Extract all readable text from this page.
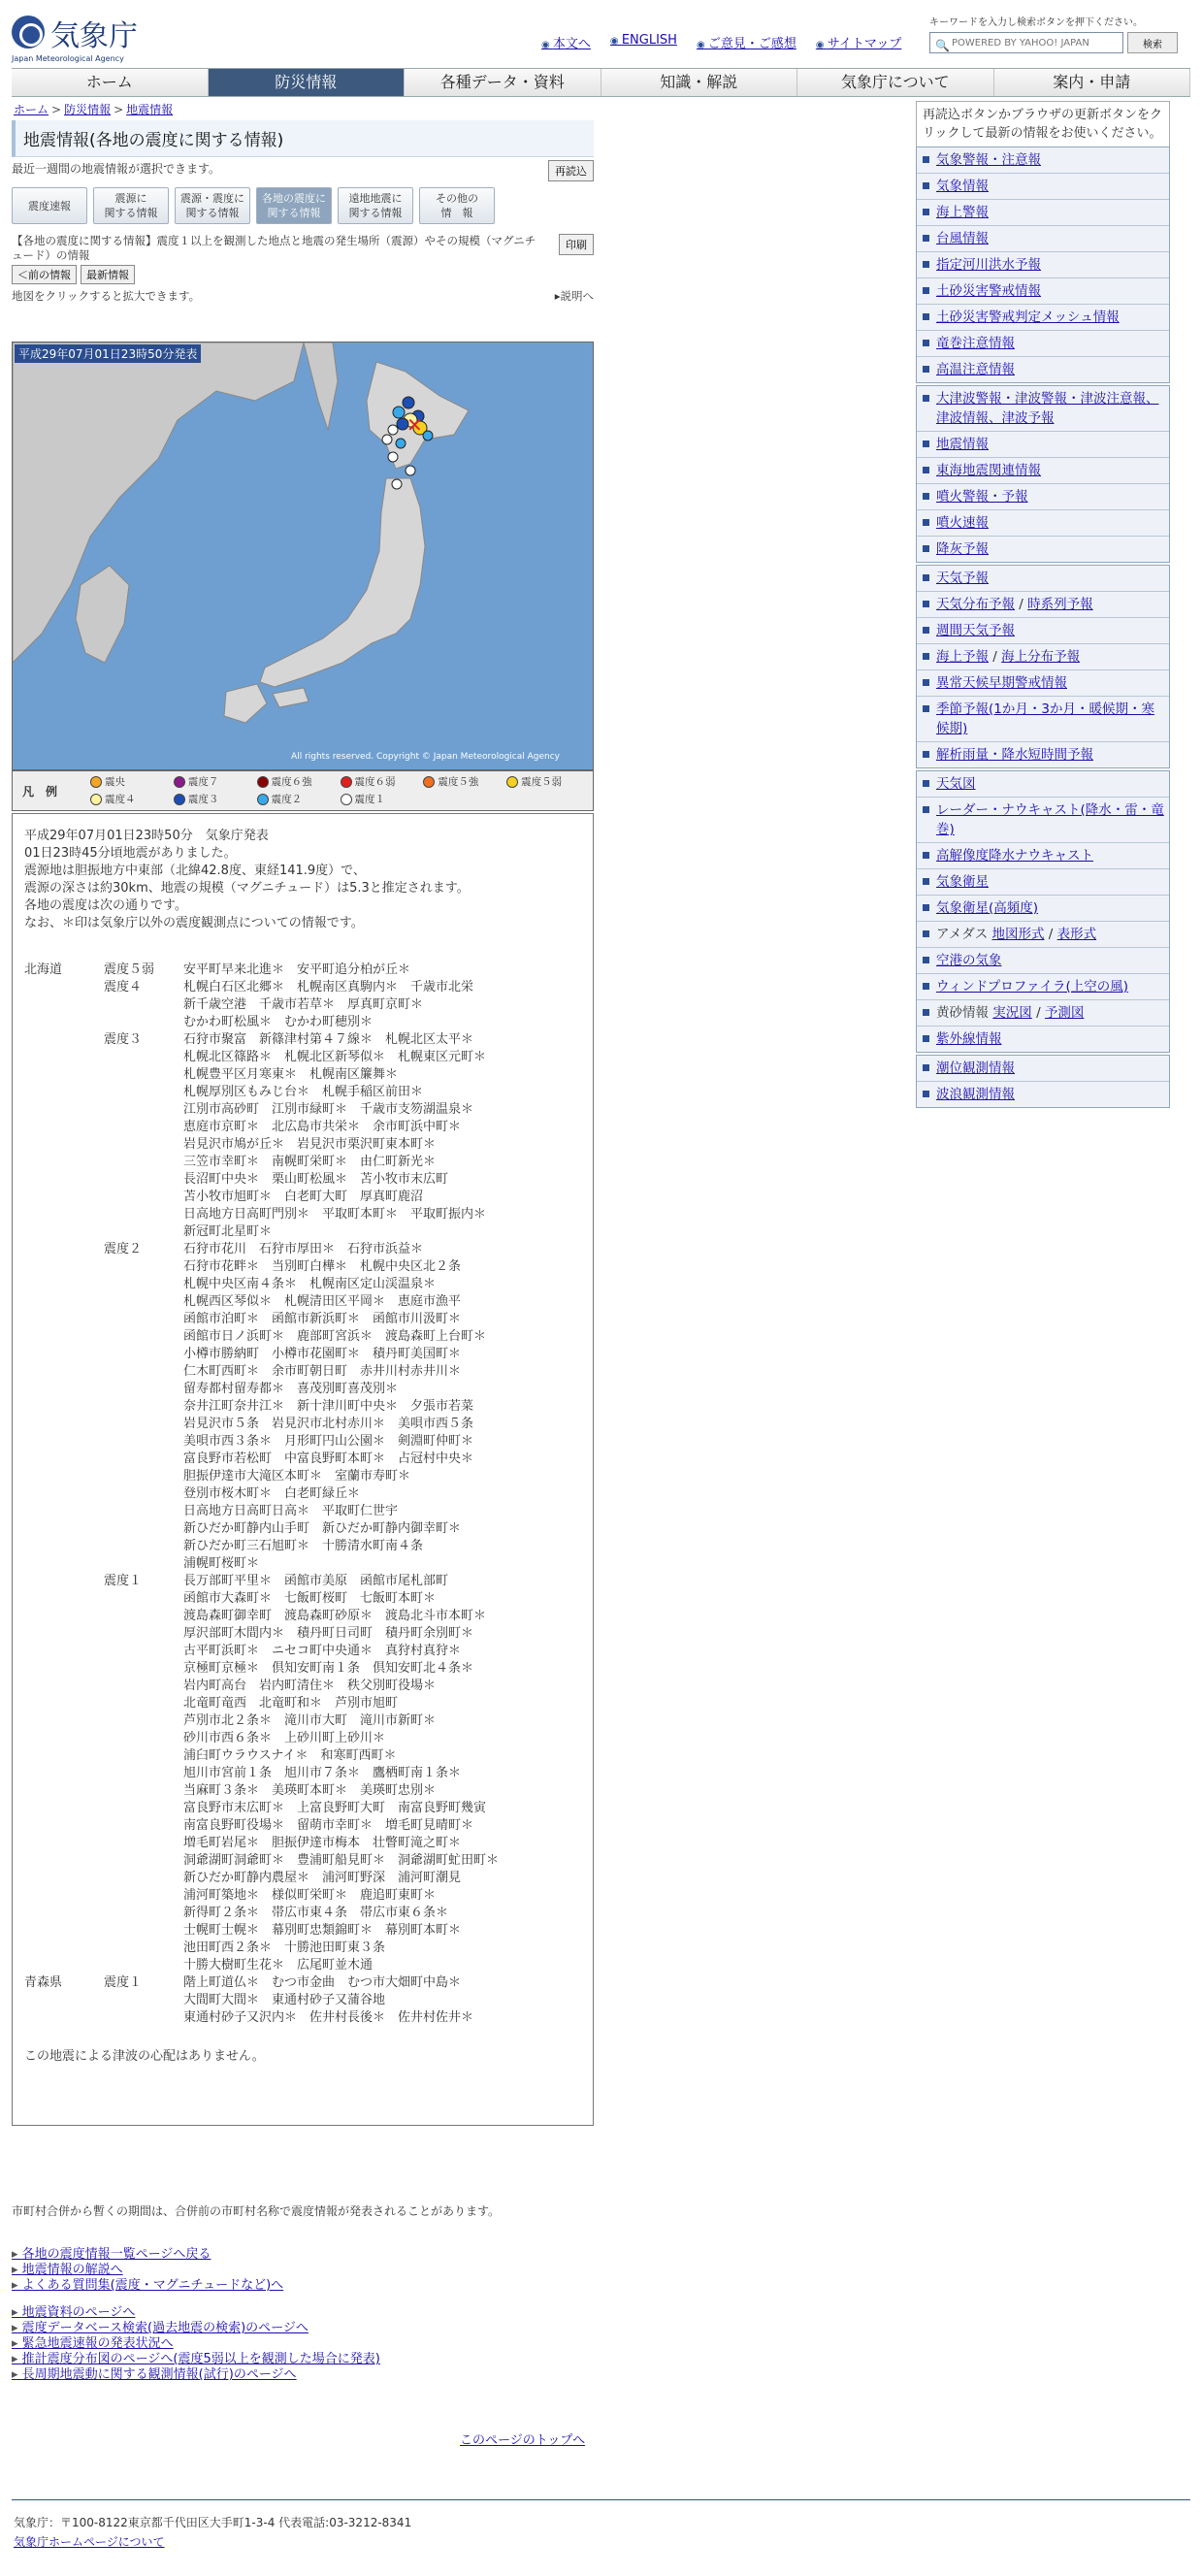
気象庁
Japan Meteorological Agency
◉ 本文へ	◉ ENGLISH	◉ ご意見・ご感想	◉ サイトマップ
キーワードを入力し検索ボタンを押下ください。
🔍
POWERED BY YAHOO! JAPAN	検索
ホーム	防災情報	各種データ・資料	知識・解説	気象庁について	案内・申請
ホーム > 防災情報 > 地震情報
地震情報(各地の震度に関する情報)
最近一週間の地震情報が選択できます。	再読込
震度速報
震源に
関する情報
震源・震度に
関する情報
各地の震度に
関する情報
遠地地震に
関する情報
その他の
情　報
【各地の震度に関する情報】震度１以上を観測した地点と地震の発生場所（震源）やその規模（マグニチュード）の情報
印刷
＜前の情報	最新情報
地図をクリックすると拡大できます。	▸説明へ
✕
平成29年07月01日23時50分発表
All rights reserved. Copyright © Japan Meteorological Agency
凡　例
震央	震度７	震度６強	震度６弱	震度５強	震度５弱
震度４	震度３	震度２	震度１
平成29年07月01日23時50分　気象庁発表
01日23時45分頃地震がありました。
震源地は胆振地方中東部（北緯42.8度、東経141.9度）で、
震源の深さは約30km、地震の規模（マグニチュード）は5.3と推定されます。
各地の震度は次の通りです。
なお、＊印は気象庁以外の震度観測点についての情報です。
北海道	震度５弱	安平町早来北進＊　安平町追分柏が丘＊
震度４	札幌白石区北郷＊　札幌南区真駒内＊　千歳市北栄
新千歳空港　千歳市若草＊　厚真町京町＊
むかわ町松風＊　むかわ町穂別＊
震度３	石狩市聚富　新篠津村第４７線＊　札幌北区太平＊
札幌北区篠路＊　札幌北区新琴似＊　札幌東区元町＊
札幌豊平区月寒東＊　札幌南区簾舞＊
札幌厚別区もみじ台＊　札幌手稲区前田＊
江別市高砂町　江別市緑町＊　千歳市支笏湖温泉＊
恵庭市京町＊　北広島市共栄＊　余市町浜中町＊
岩見沢市鳩が丘＊　岩見沢市栗沢町東本町＊
三笠市幸町＊　南幌町栄町＊　由仁町新光＊
長沼町中央＊　栗山町松風＊　苫小牧市末広町
苫小牧市旭町＊　白老町大町　厚真町鹿沼
日高地方日高町門別＊　平取町本町＊　平取町振内＊
新冠町北星町＊
震度２	石狩市花川　石狩市厚田＊　石狩市浜益＊
石狩市花畔＊　当別町白樺＊　札幌中央区北２条
札幌中央区南４条＊　札幌南区定山渓温泉＊
札幌西区琴似＊　札幌清田区平岡＊　恵庭市漁平
函館市泊町＊　函館市新浜町＊　函館市川汲町＊
函館市日ノ浜町＊　鹿部町宮浜＊　渡島森町上台町＊
小樽市勝納町　小樽市花園町＊　積丹町美国町＊
仁木町西町＊　余市町朝日町　赤井川村赤井川＊
留寿都村留寿都＊　喜茂別町喜茂別＊
奈井江町奈井江＊　新十津川町中央＊　夕張市若菜
岩見沢市５条　岩見沢市北村赤川＊　美唄市西５条
美唄市西３条＊　月形町円山公園＊　剣淵町仲町＊
富良野市若松町　中富良野町本町＊　占冠村中央＊
胆振伊達市大滝区本町＊　室蘭市寿町＊
登別市桜木町＊　白老町緑丘＊
日高地方日高町日高＊　平取町仁世宇
新ひだか町静内山手町　新ひだか町静内御幸町＊
新ひだか町三石旭町＊　十勝清水町南４条
浦幌町桜町＊
震度１	長万部町平里＊　函館市美原　函館市尾札部町
函館市大森町＊　七飯町桜町　七飯町本町＊
渡島森町御幸町　渡島森町砂原＊　渡島北斗市本町＊
厚沢部町木間内＊　積丹町日司町　積丹町余別町＊
古平町浜町＊　ニセコ町中央通＊　真狩村真狩＊
京極町京極＊　倶知安町南１条　倶知安町北４条＊
岩内町高台　岩内町清住＊　秩父別町役場＊
北竜町竜西　北竜町和＊　芦別市旭町
芦別市北２条＊　滝川市大町　滝川市新町＊
砂川市西６条＊　上砂川町上砂川＊
浦臼町ウラウスナイ＊　和寒町西町＊
旭川市宮前１条　旭川市７条＊　鷹栖町南１条＊
当麻町３条＊　美瑛町本町＊　美瑛町忠別＊
富良野市末広町＊　上富良野町大町　南富良野町幾寅
南富良野町役場＊　留萌市幸町＊　増毛町見晴町＊
増毛町岩尾＊　胆振伊達市梅本　壮瞥町滝之町＊
洞爺湖町洞爺町＊　豊浦町船見町＊　洞爺湖町虻田町＊
新ひだか町静内農屋＊　浦河町野深　浦河町潮見
浦河町築地＊　様似町栄町＊　鹿追町東町＊
新得町２条＊　帯広市東４条　帯広市東６条＊
士幌町士幌＊　幕別町忠類錦町＊　幕別町本町＊
池田町西２条＊　十勝池田町東３条
十勝大樹町生花＊　広尾町並木通
青森県	震度１	階上町道仏＊　むつ市金曲　むつ市大畑町中島＊
大間町大間＊　東通村砂子又蒲谷地
東通村砂子又沢内＊　佐井村長後＊　佐井村佐井＊
この地震による津波の心配はありません。
市町村合併から暫くの期間は、合併前の市町村名称で震度情報が発表されることがあります。
▸ 各地の震度情報一覧ページへ戻る
▸ 地震情報の解説へ
▸ よくある質問集(震度・マグニチュードなど)へ
▸ 地震資料のページへ
▸ 震度データベース検索(過去地震の検索)のページへ
▸ 緊急地震速報の発表状況へ
▸ 推計震度分布図のページへ(震度5弱以上を観測した場合に発表)
▸ 長周期地震動に関する観測情報(試行)のページへ
このページのトップへ
気象庁：〒100-8122東京都千代田区大手町1-3-4 代表電話:03-3212-8341
気象庁ホームページについて
再読込ボタンかブラウザの更新ボタンをクリックして最新の情報をお使いください。
気象警報・注意報
気象情報
海上警報
台風情報
指定河川洪水予報
土砂災害警戒情報
土砂災害警戒判定メッシュ情報
竜巻注意情報
高温注意情報
大津波警報・津波警報・津波注意報、津波情報、津波予報
地震情報
東海地震関連情報
噴火警報・予報
噴火速報
降灰予報
天気予報
天気分布予報 / 時系列予報
週間天気予報
海上予報 / 海上分布予報
異常天候早期警戒情報
季節予報(1か月・3か月・暖候期・寒候期)
解析雨量・降水短時間予報
天気図
レーダー・ナウキャスト(降水・雷・竜巻)
高解像度降水ナウキャスト
気象衛星
気象衛星(高頻度)
アメダス 地図形式 / 表形式
空港の気象
ウィンドプロファイラ(上空の風)
黄砂情報 実況図 / 予測図
紫外線情報
潮位観測情報
波浪観測情報
